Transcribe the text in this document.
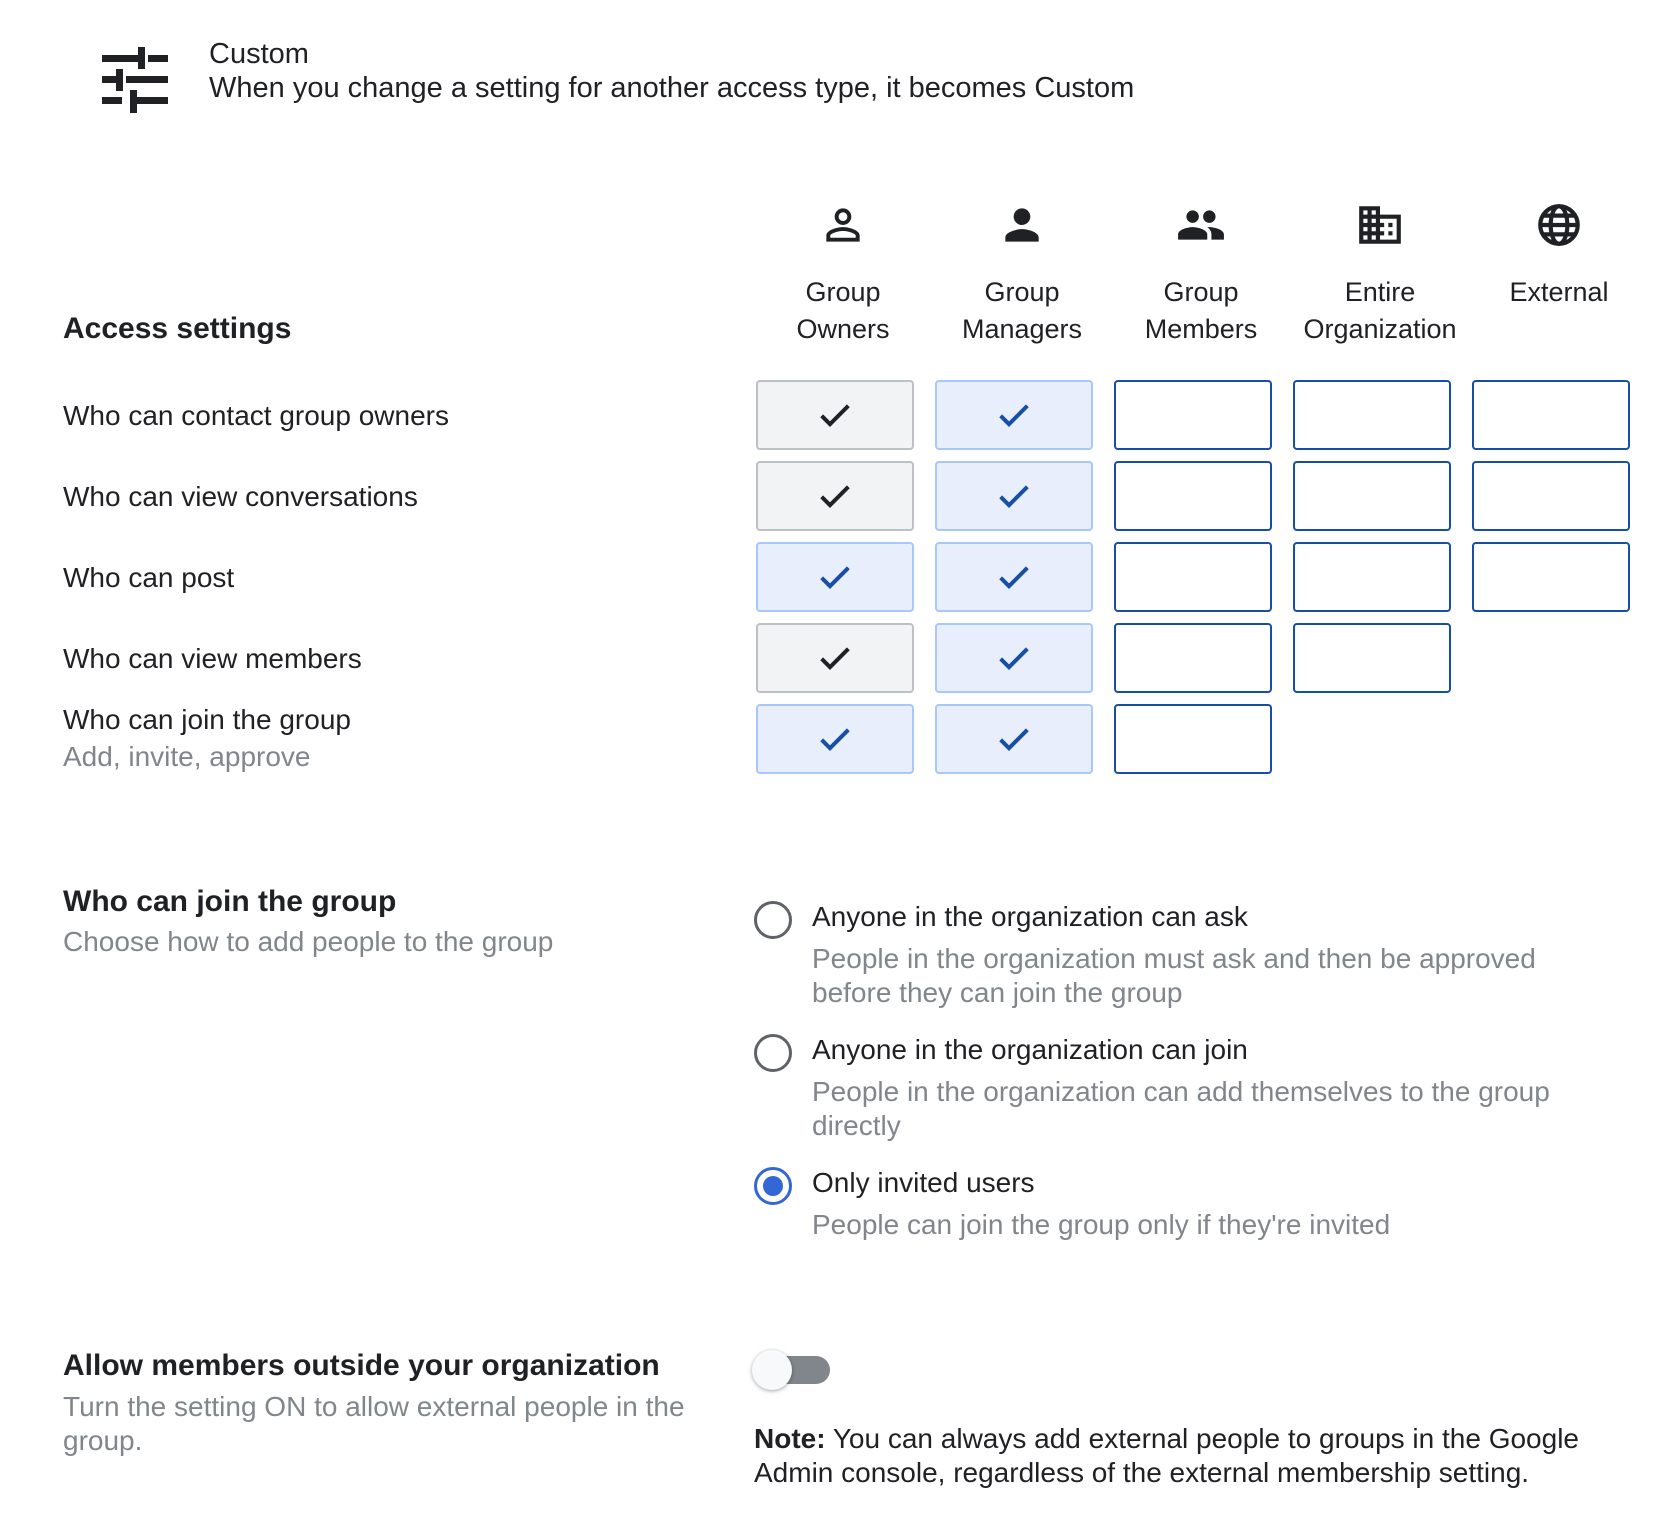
Custom
When you change a setting for another access type, it becomes Custom
Group
Owners
Group
Managers
Group
Members
Entire
Organization
External
Access settings
Who can contact group owners
Who can view conversations
Who can post
Who can view members
Who can join the group
Add, invite, approve
Who can join the group
Choose how to add people to the group
Anyone in the organization can ask
People in the organization must ask and then be approved before they can join the group
Anyone in the organization can join
People in the organization can add themselves to the group directly
Only invited users
People can join the group only if they're invited
Allow members outside your organization
Turn the setting ON to allow external people in the group.	Note: You can always add external people to groups in the Google Admin console, regardless of the external membership setting.
